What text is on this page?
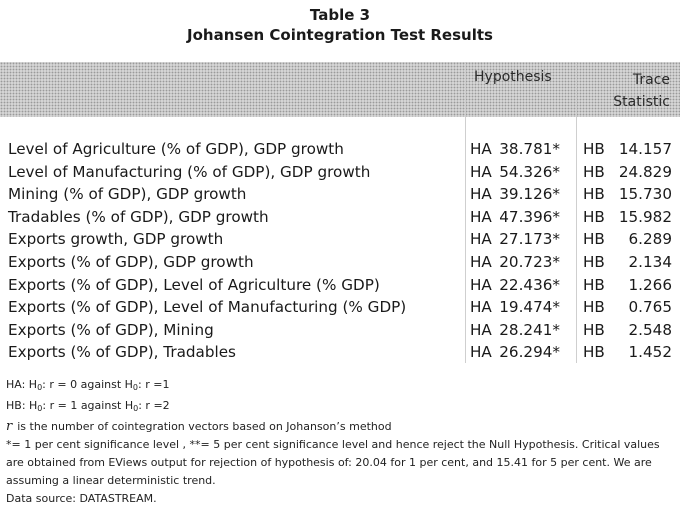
Table 3

Johansen Cointegration Test Results

Hypothesis	Trace
Statistic
Level of Agriculture (% of GDP), GDP growth	HA 38.781* HB 14.157
Level of Manufacturing (% of GDP), GDP growth	HA 54.326* HB 24.829
Mining (% of GDP), GDP growth	HA 39.126* HB 15.730
Tradables (% of GDP), GDP growth	HA 47.396* HB 15.982
Exports growth, GDP growth	HA 27.173* HB	6.289
Exports (% of GDP), GDP growth	HA 20.723* HB	2.134
Exports (% of GDP), Level of Agriculture (% GDP)	HA 22.436* HB	1.266
Exports (% of GDP), Level of Manufacturing (% GDP)	HA 19.474* HB	0.765
Exports (% of GDP), Mining	HA 28.241* HB	2.548
Exports (% of GDP), Tradables	HA 26.294* HB	1.452

HA: $H_0$: r = 0 against $H_0$: r =1

HB: $H_0$: r = 1 against $H_0$: r =2

r is the number of cointegration vectors based on Johanson’s method

*= 1 per cent significance level , **= 5 per cent significance level and hence reject the Null Hypothesis. Critical values are obtained from EViews output for rejection of hypothesis of: 20.04 for 1 per cent, and 15.41 for 5 per cent. We are assuming a linear deterministic trend.

Data source: DATASTREAM.
